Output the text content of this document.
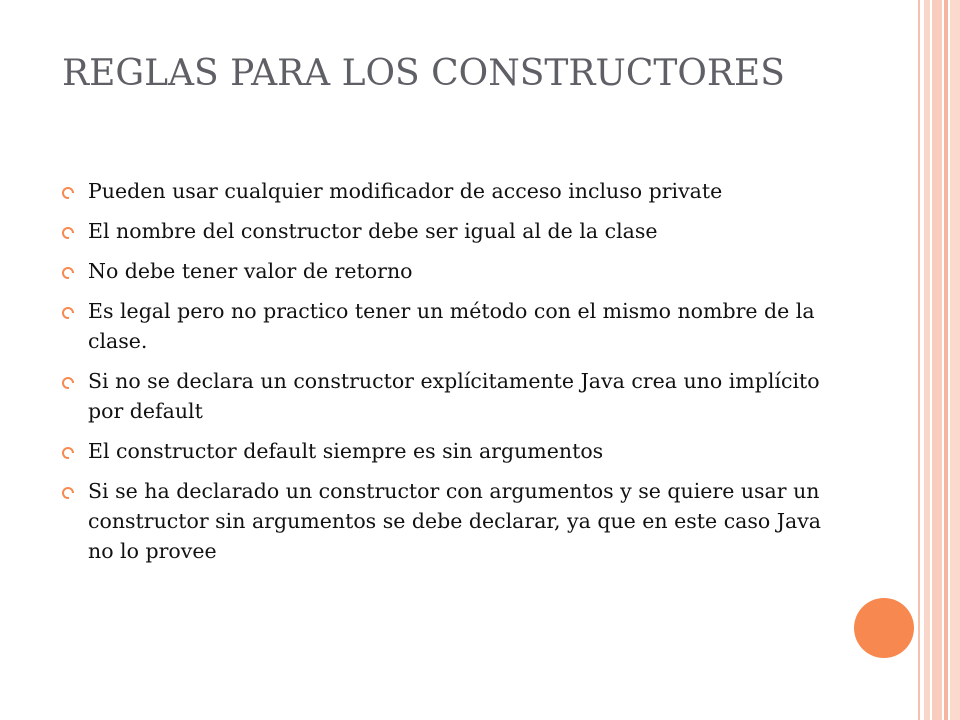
REGLAS PARA LOS CONSTRUCTORES
Pueden usar cualquier modificador de acceso incluso private
El nombre del constructor debe ser igual al de la clase
No debe tener valor de retorno
Es legal pero no practico tener un método con el mismo nombre de la clase.
Si no se declara un constructor explícitamente Java crea uno implícito por default
El constructor default siempre es sin argumentos
Si se ha declarado un constructor con argumentos y se quiere usar un constructor sin argumentos se debe declarar, ya que en este caso Java no lo provee
